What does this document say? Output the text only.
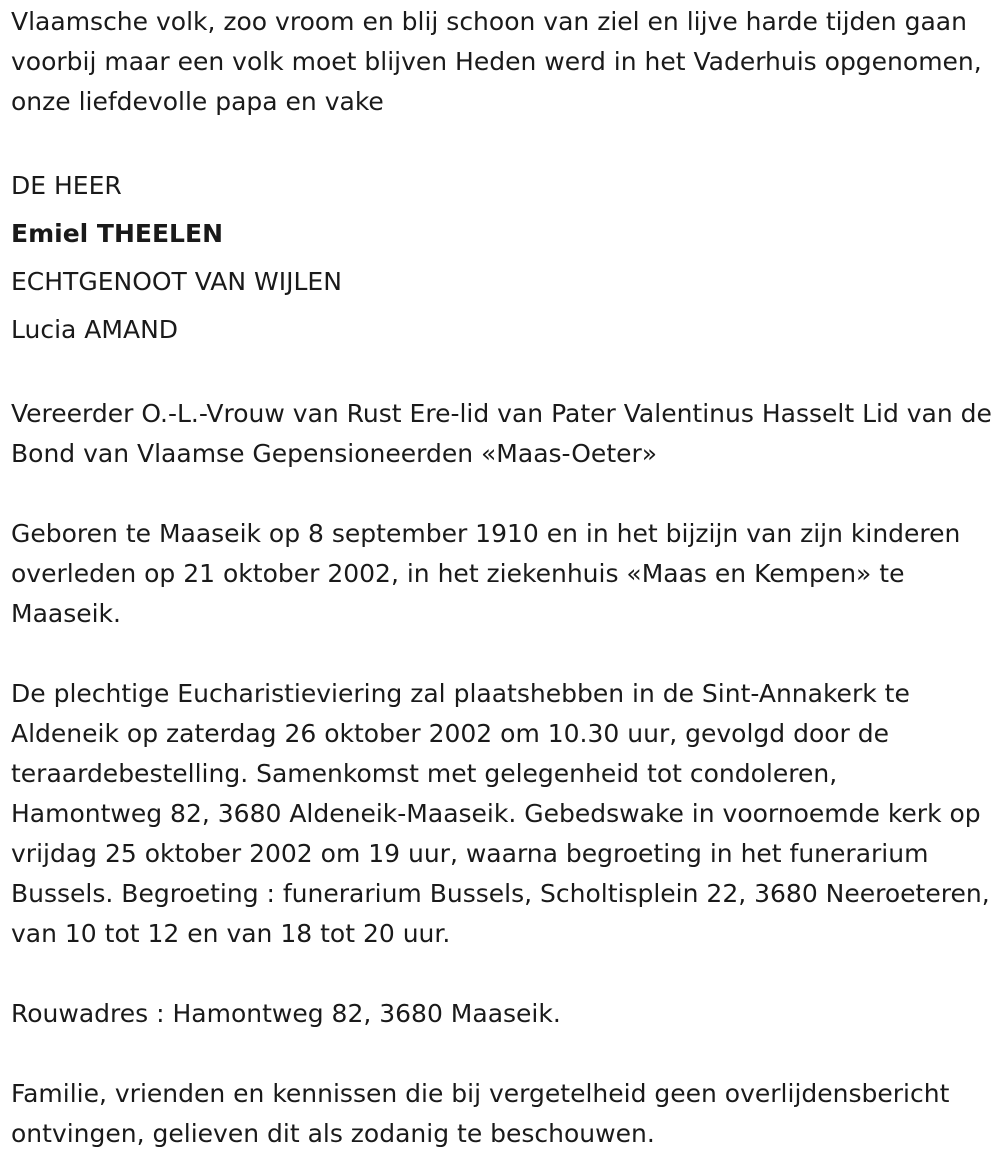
Vlaamsche volk, zoo vroom en blij schoon van ziel en lijve harde tijden gaan voorbij maar een volk moet blijven Heden werd in het Vaderhuis opgenomen, onze liefdevolle papa en vake

DE HEER

Emiel THEELEN

ECHTGENOOT VAN WIJLEN

Lucia AMAND

Vereerder O.-L.-Vrouw van Rust Ere-lid van Pater Valentinus Hasselt Lid van de Bond van Vlaamse Gepensioneerden «Maas-Oeter»

Geboren te Maaseik op 8 september 1910 en in het bijzijn van zijn kinderen overleden op 21 oktober 2002, in het ziekenhuis «Maas en Kempen» te Maaseik.

De plechtige Eucharistieviering zal plaatshebben in de Sint-Annakerk te Aldeneik op zaterdag 26 oktober 2002 om 10.30 uur, gevolgd door de teraardebestelling. Samenkomst met gelegenheid tot condoleren, Hamontweg 82, 3680 Aldeneik-Maaseik. Gebedswake in voornoemde kerk op vrijdag 25 oktober 2002 om 19 uur, waarna begroeting in het funerarium Bussels. Begroeting : funerarium Bussels, Scholtisplein 22, 3680 Neeroeteren, van 10 tot 12 en van 18 tot 20 uur.

Rouwadres : Hamontweg 82, 3680 Maaseik.

Familie, vrienden en kennissen die bij vergetelheid geen overlijdensbericht ontvingen, gelieven dit als zodanig te beschouwen.
